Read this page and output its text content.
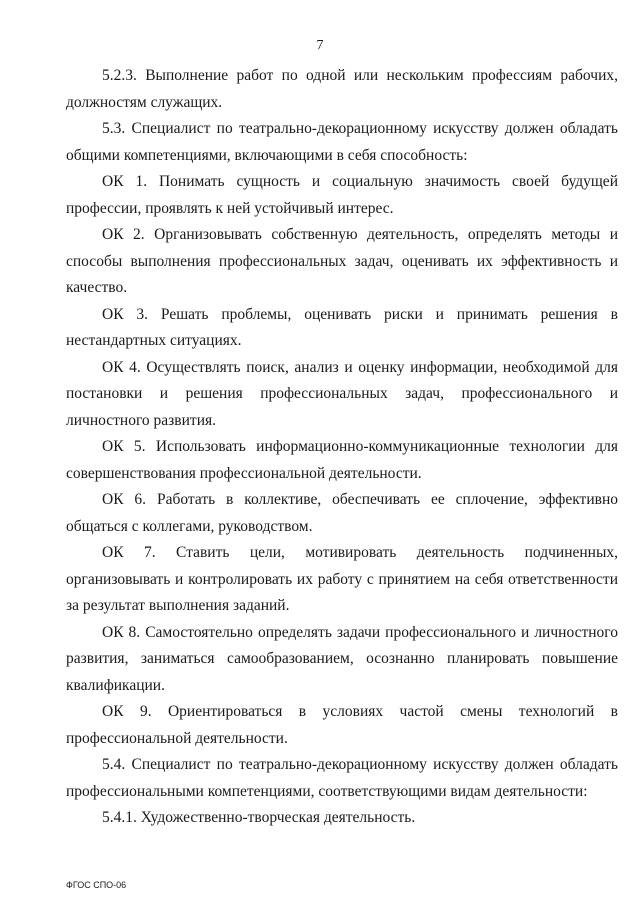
7

5.2.3. Выполнение работ по одной или нескольким профессиям рабочих, должностям служащих.

5.3. Специалист по театрально-декорационному искусству должен обладать общими компетенциями, включающими в себя способность:

ОК 1. Понимать сущность и социальную значимость своей будущей профессии, проявлять к ней устойчивый интерес.

ОК 2. Организовывать собственную деятельность, определять методы и способы выполнения профессиональных задач, оценивать их эффективность и качество.

ОК 3. Решать проблемы, оценивать риски и принимать решения в нестандартных ситуациях.

ОК 4. Осуществлять поиск, анализ и оценку информации, необходимой для постановки и решения профессиональных задач, профессионального и личностного развития.

ОК 5. Использовать информационно-коммуникационные технологии для совершенствования профессиональной деятельности.

ОК 6. Работать в коллективе, обеспечивать ее сплочение, эффективно общаться с коллегами, руководством.

ОК 7. Ставить цели, мотивировать деятельность подчиненных, организовывать и контролировать их работу с принятием на себя ответственности за результат выполнения заданий.

ОК 8. Самостоятельно определять задачи профессионального и личностного развития, заниматься самообразованием, осознанно планировать повышение квалификации.

ОК 9. Ориентироваться в условиях частой смены технологий в профессиональной деятельности.

5.4. Специалист по театрально-декорационному искусству должен обладать профессиональными компетенциями, соответствующими видам деятельности:

5.4.1. Художественно-творческая деятельность.

ФГОС СПО-06
